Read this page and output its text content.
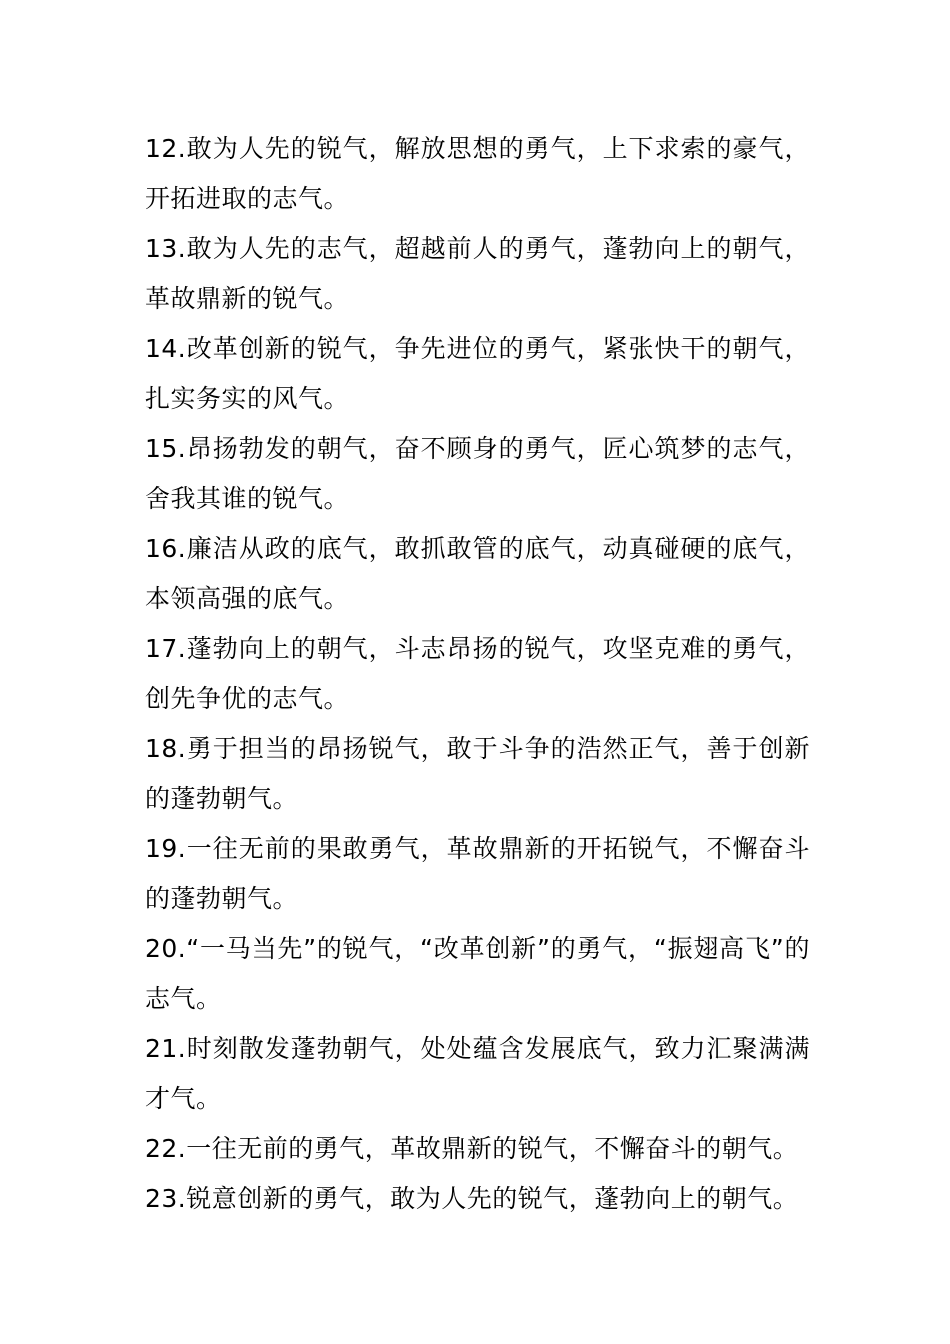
12.敢为人先的锐气，解放思想的勇气，上下求索的豪气，开拓进取的志气。

13.敢为人先的志气，超越前人的勇气，蓬勃向上的朝气，革故鼎新的锐气。

14.改革创新的锐气，争先进位的勇气，紧张快干的朝气，扎实务实的风气。

15.昂扬勃发的朝气，奋不顾身的勇气，匠心筑梦的志气，舍我其谁的锐气。

16.廉洁从政的底气，敢抓敢管的底气，动真碰硬的底气，本领高强的底气。

17.蓬勃向上的朝气，斗志昂扬的锐气，攻坚克难的勇气，创先争优的志气。

18.勇于担当的昂扬锐气，敢于斗争的浩然正气，善于创新的蓬勃朝气。

19.一往无前的果敢勇气，革故鼎新的开拓锐气，不懈奋斗的蓬勃朝气。

20.“一马当先”的锐气，“改革创新”的勇气，“振翅高飞”的志气。

21.时刻散发蓬勃朝气，处处蕴含发展底气，致力汇聚满满才气。

22.一往无前的勇气，革故鼎新的锐气，不懈奋斗的朝气。

23.锐意创新的勇气，敢为人先的锐气，蓬勃向上的朝气。
